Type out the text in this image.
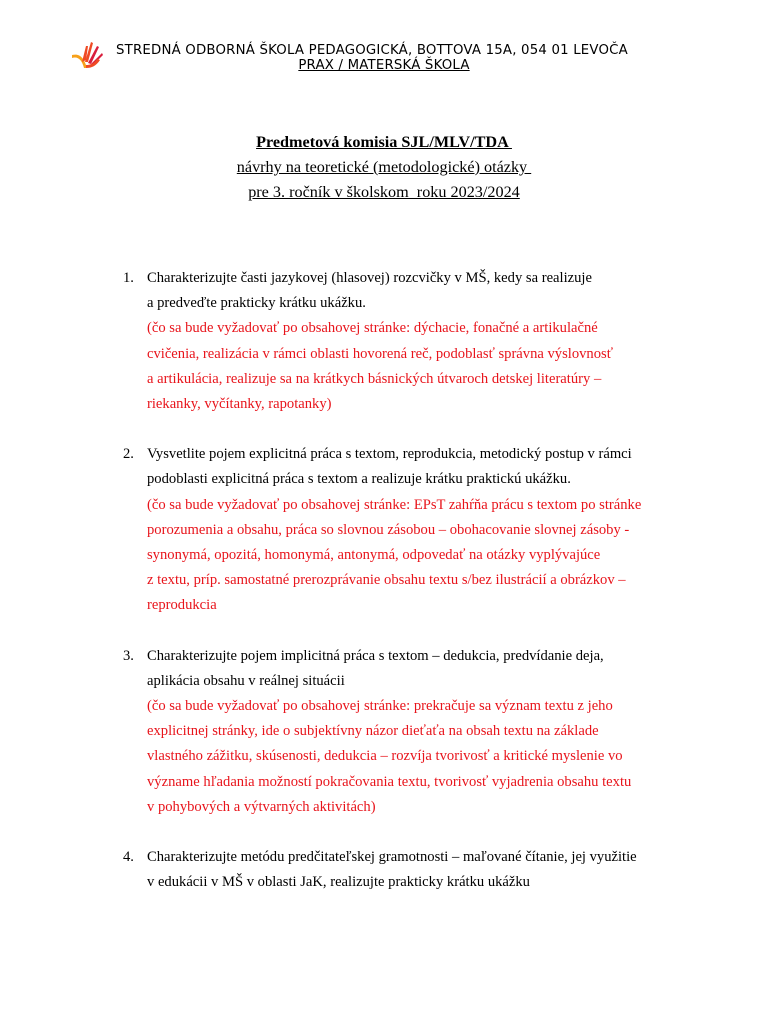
STREDNÁ ODBORNÁ ŠKOLA PEDAGOGICKÁ, BOTTOVA 15A, 054 01 LEVOČA
PRAX / MATERSKÁ ŠKOLA
Predmetová komisia SJL/MLV/TDA
návrhy na teoretické (metodologické) otázky
pre 3. ročník v školskom  roku 2023/2024
1. Charakterizujte časti jazykovej (hlasovej) rozcvičky v MŠ, kedy sa realizuje
a predveďte prakticky krátku ukážku.
(čo sa bude vyžadovať po obsahovej stránke: dýchacie, fonačné a artikulačné
cvičenia, realizácia v rámci oblasti hovorená reč, podoblasť správna výslovnosť
a artikulácia, realizuje sa na krátkych básnických útvaroch detskej literatúry –
riekanky, vyčítanky, rapotanky)
2. Vysvetlite pojem explicitná práca s textom, reprodukcia, metodický postup v rámci
podoblasti explicitná práca s textom a realizuje krátku praktickú ukážku.
(čo sa bude vyžadovať po obsahovej stránke: EPsT zahŕňa prácu s textom po stránke
porozumenia a obsahu, práca so slovnou zásobou – obohacovanie slovnej zásoby -
synonymá, opozitá, homonymá, antonymá, odpovedať na otázky vyplývajúce
z textu, príp. samostatné prerozprávanie obsahu textu s/bez ilustrácií a obrázkov –
reprodukcia
3. Charakterizujte pojem implicitná práca s textom – dedukcia, predvídanie deja,
aplikácia obsahu v reálnej situácii
(čo sa bude vyžadovať po obsahovej stránke: prekračuje sa význam textu z jeho
explicitnej stránky, ide o subjektívny názor dieťaťa na obsah textu na základe
vlastného zážitku, skúsenosti, dedukcia – rozvíja tvorivosť a kritické myslenie vo
význame hľadania možností pokračovania textu, tvorivosť vyjadrenia obsahu textu
v pohybových a výtvarných aktivitách)
4. Charakterizujte metódu predčitateľskej gramotnosti – maľované čítanie, jej využitie
v edukácii v MŠ v oblasti JaK, realizujte prakticky krátku ukážku
